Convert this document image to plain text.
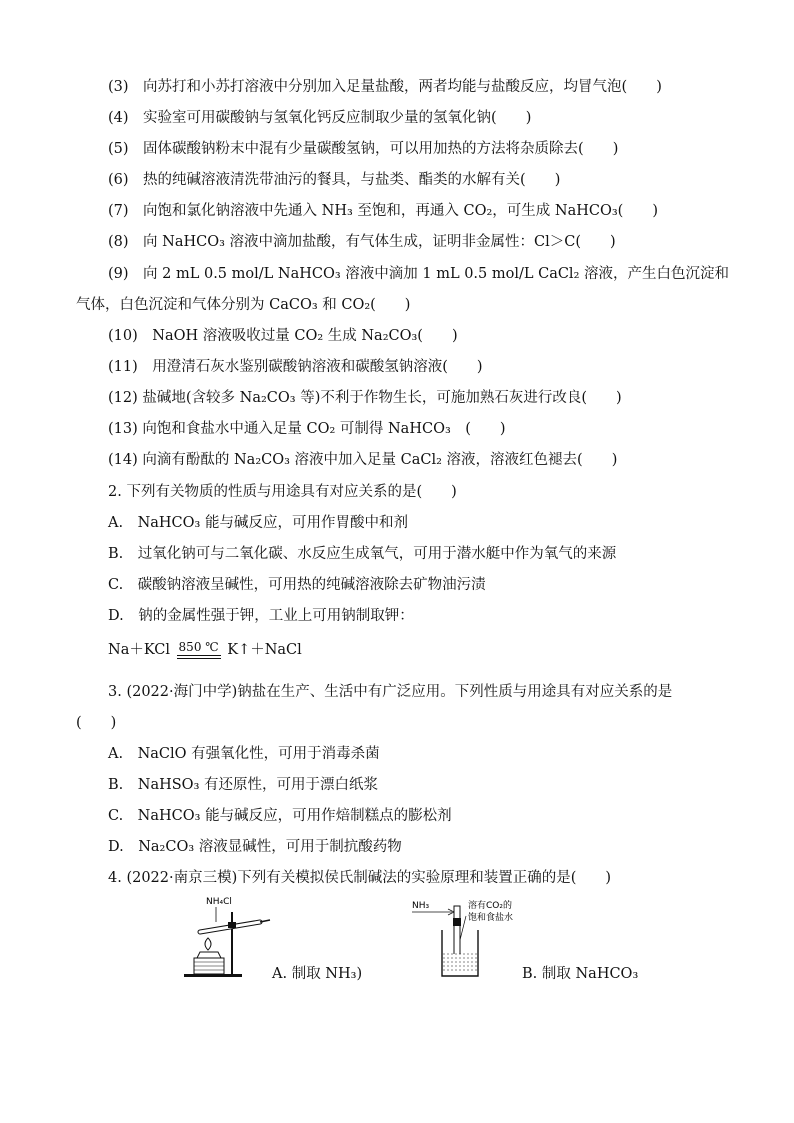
(3)　向苏打和小苏打溶液中分别加入足量盐酸，两者均能与盐酸反应，均冒气泡(　　)
(4)　实验室可用碳酸钠与氢氧化钙反应制取少量的氢氧化钠(　　)
(5)　固体碳酸钠粉末中混有少量碳酸氢钠，可以用加热的方法将杂质除去(　　)
(6)　热的纯碱溶液清洗带油污的餐具，与盐类、酯类的水解有关(　　)
(7)　向饱和氯化钠溶液中先通入 NH₃ 至饱和，再通入 CO₂，可生成 NaHCO₃(　　)
(8)　向 NaHCO₃ 溶液中滴加盐酸，有气体生成，证明非金属性：Cl＞C(　　)
(9)　向 2 mL 0.5 mol/L NaHCO₃ 溶液中滴加 1 mL 0.5 mol/L CaCl₂ 溶液，产生白色沉淀和
气体，白色沉淀和气体分别为 CaCO₃ 和 CO₂(　　)
(10)　NaOH 溶液吸收过量 CO₂ 生成 Na₂CO₃(　　)
(11)　用澄清石灰水鉴别碳酸钠溶液和碳酸氢钠溶液(　　)
(12) 盐碱地(含较多 Na₂CO₃ 等)不利于作物生长，可施加熟石灰进行改良(　　)
(13) 向饱和食盐水中通入足量 CO₂ 可制得 NaHCO₃　(　　)
(14) 向滴有酚酞的 Na₂CO₃ 溶液中加入足量 CaCl₂ 溶液，溶液红色褪去(　　)
2. 下列有关物质的性质与用途具有对应关系的是(　　)
A.　NaHCO₃ 能与碱反应，可用作胃酸中和剂
B.　过氧化钠可与二氧化碳、水反应生成氧气，可用于潜水艇中作为氧气的来源
C.　碳酸钠溶液呈碱性，可用热的纯碱溶液除去矿物油污渍
D.　钠的金属性强于钾，工业上可用钠制取钾：
Na＋KCl 850 ℃ K↑＋NaCl
3. (2022·海门中学)钠盐在生产、生活中有广泛应用。下列性质与用途具有对应关系的是
(　　)
A.　NaClO 有强氧化性，可用于消毒杀菌
B.　NaHSO₃ 有还原性，可用于漂白纸浆
C.　NaHCO₃ 能与碱反应，可用作焙制糕点的膨松剂
D.　Na₂CO₃ 溶液显碱性，可用于制抗酸药物
4. (2022·南京三模)下列有关模拟侯氏制碱法的实验原理和装置正确的是(　　)
NH₄Cl
A. 制取 NH₃)
NH₃	溶有CO₂的
饱和食盐水
B. 制取 NaHCO₃
